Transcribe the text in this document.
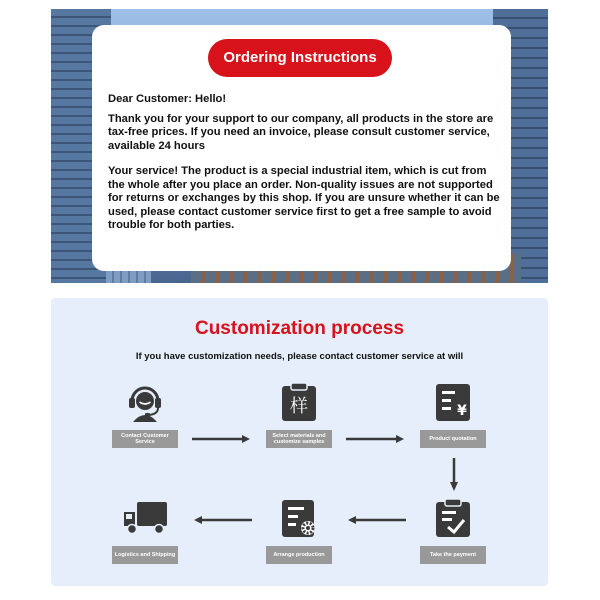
Ordering Instructions

Dear Customer: Hello!

Thank you for your support to our company, all products in the store are tax-free prices. If you need an invoice, please consult customer service, available 24 hours

Your service! The product is a special industrial item, which is cut from the whole after you place an order. Non-quality issues are not supported for returns or exchanges by this shop. If you are unsure whether it can be used, please contact customer service first to get a free sample to avoid trouble for both parties.

Customization process
If you have customization needs, please contact customer service at will
Contact Customer Service
样
Select materials and customize samples
¥
Product quotation
Take the payment
Arrange production
Logistics and Shipping
